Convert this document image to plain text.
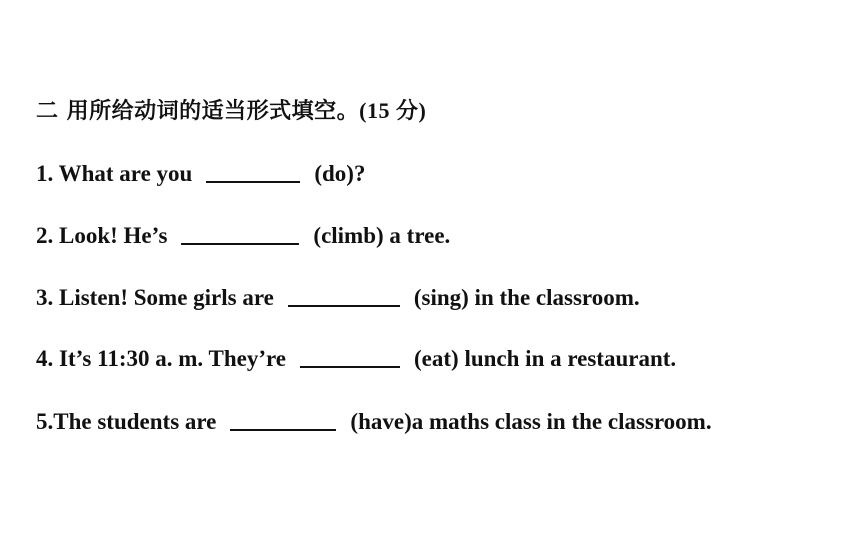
二 用所给动词的适当形式填空。(15 分)
1. What are you	(do)?
2. Look! He’s	(climb) a tree.
3. Listen! Some girls are	(sing) in the classroom.
4. It’s 11:30 a. m. They’re	(eat) lunch in a restaurant.
5.The students are	(have)a maths class in the classroom.
